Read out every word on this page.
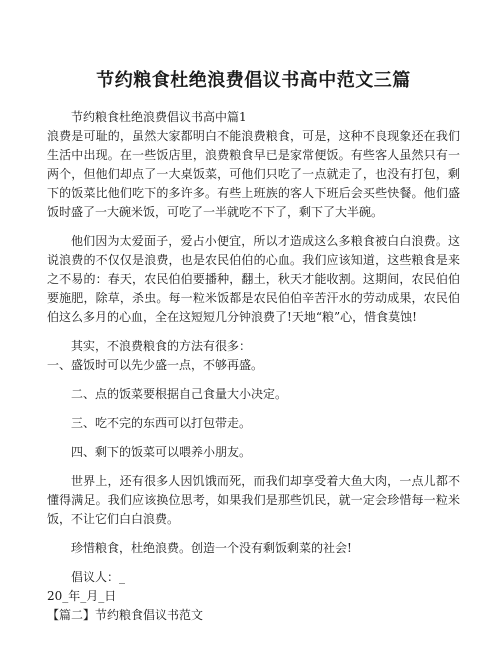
节约粮食杜绝浪费倡议书高中范文三篇

节约粮食杜绝浪费倡议书高中篇1

浪费是可耻的，虽然大家都明白不能浪费粮食，可是，这种不良现象还在我们生活中出现。在一些饭店里，浪费粮食早已是家常便饭。有些客人虽然只有一两个，但他们却点了一大桌饭菜，可他们只吃了一点就走了，也没有打包，剩下的饭菜比他们吃下的多许多。有些上班族的客人下班后会买些快餐。他们盛饭时盛了一大碗米饭，可吃了一半就吃不下了，剩下了大半碗。

他们因为太爱面子，爱占小便宜，所以才造成这么多粮食被白白浪费。这说浪费的不仅仅是浪费，也是农民伯伯的心血。我们应该知道，这些粮食是来之不易的：春天，农民伯伯要播种，翻土，秋天才能收割。这期间，农民伯伯要施肥，除草，杀虫。每一粒米饭都是农民伯伯辛苦汗水的劳动成果，农民伯伯这么多月的心血，全在这短短几分钟浪费了!天地“粮”心，惜食莫蚀!

其实，不浪费粮食的方法有很多：

一、盛饭时可以先少盛一点，不够再盛。

二、点的饭菜要根据自己食量大小决定。

三、吃不完的东西可以打包带走。

四、剩下的饭菜可以喂养小朋友。

世界上，还有很多人因饥饿而死，而我们却享受着大鱼大肉，一点儿都不懂得满足。我们应该换位思考，如果我们是那些饥民，就一定会珍惜每一粒米饭，不让它们白白浪费。

珍惜粮食，杜绝浪费。创造一个没有剩饭剩菜的社会!

倡议人：_

20_年_月_日

【篇二】节约粮食倡议书范文
